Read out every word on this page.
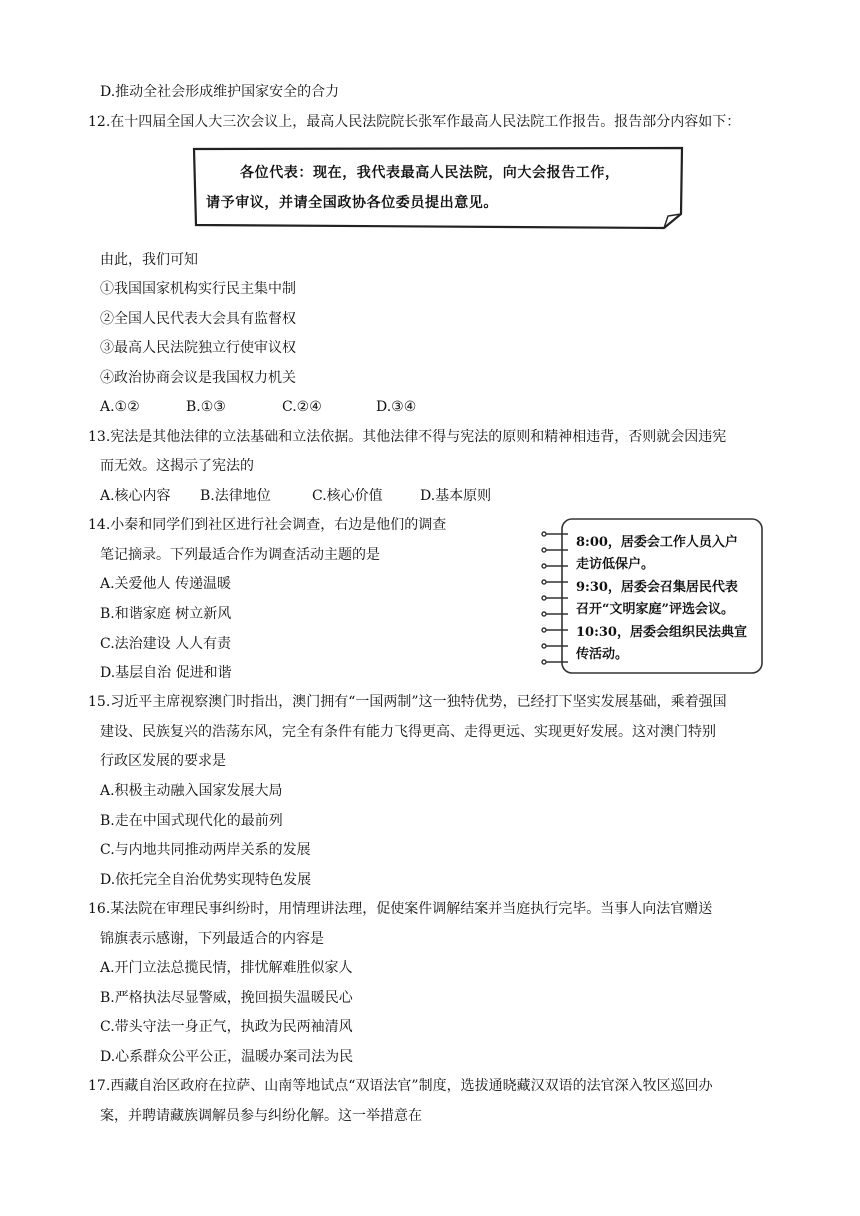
D.推动全社会形成维护国家安全的合力
12.在十四届全国人大三次会议上，最高人民法院院长张军作最高人民法院工作报告。报告部分内容如下：
各位代表：现在，我代表最高人民法院，向大会报告工作，
请予审议，并请全国政协各位委员提出意见。
由此，我们可知
①我国国家机构实行民主集中制
②全国人民代表大会具有监督权
③最高人民法院独立行使审议权
④政治协商会议是我国权力机关
A.①②	B.①③	C.②④	D.③④
13.宪法是其他法律的立法基础和立法依据。其他法律不得与宪法的原则和精神相违背，否则就会因违宪
而无效。这揭示了宪法的
A.核心内容 B.法律地位	C.核心价值	D.基本原则
14.小秦和同学们到社区进行社会调查，右边是他们的调查
笔记摘录。下列最适合作为调查活动主题的是
A.关爱他人 传递温暖
B.和谐家庭 树立新风
C.法治建设 人人有责
D.基层自治 促进和谐
8:00，居委会工作人员入户
走访低保户。
9:30，居委会召集居民代表
召开“文明家庭”评选会议。
10:30，居委会组织民法典宣
传活动。
15.习近平主席视察澳门时指出，澳门拥有“一国两制”这一独特优势，已经打下坚实发展基础，乘着强国
建设、民族复兴的浩荡东风，完全有条件有能力飞得更高、走得更远、实现更好发展。这对澳门特别
行政区发展的要求是
A.积极主动融入国家发展大局
B.走在中国式现代化的最前列
C.与内地共同推动两岸关系的发展
D.依托完全自治优势实现特色发展
16.某法院在审理民事纠纷时，用情理讲法理，促使案件调解结案并当庭执行完毕。当事人向法官赠送
锦旗表示感谢，下列最适合的内容是
A.开门立法总揽民情，排忧解难胜似家人
B.严格执法尽显警威，挽回损失温暖民心
C.带头守法一身正气，执政为民两袖清风
D.心系群众公平公正，温暖办案司法为民
17.西藏自治区政府在拉萨、山南等地试点“双语法官”制度，选拔通晓藏汉双语的法官深入牧区巡回办
案，并聘请藏族调解员参与纠纷化解。这一举措意在
